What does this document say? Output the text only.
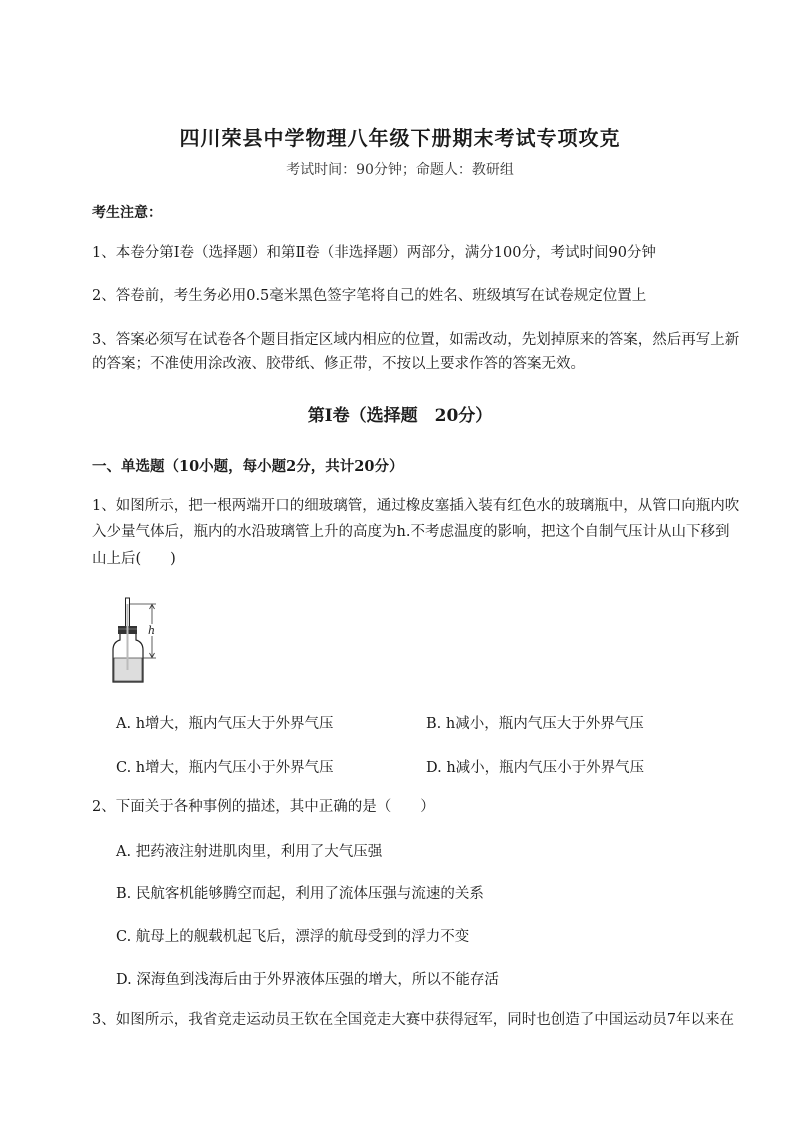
四川荣县中学物理八年级下册期末考试专项攻克
考试时间：90分钟；命题人：教研组
考生注意：
1、本卷分第I卷（选择题）和第Ⅱ卷（非选择题）两部分，满分100分，考试时间90分钟
2、答卷前，考生务必用0.5毫米黑色签字笔将自己的姓名、班级填写在试卷规定位置上
3、答案必须写在试卷各个题目指定区域内相应的位置，如需改动，先划掉原来的答案，然后再写上新
的答案；不准使用涂改液、胶带纸、修正带，不按以上要求作答的答案无效。
第I卷（选择题　20分）
一、单选题（10小题，每小题2分，共计20分）
1、如图所示，把一根两端开口的细玻璃管，通过橡皮塞插入装有红色水的玻璃瓶中，从管口向瓶内吹
入少量气体后，瓶内的水沿玻璃管上升的高度为h.不考虑温度的影响，把这个自制气压计从山下移到
山上后(　　)
h
A. h增大，瓶内气压大于外界气压	B. h减小，瓶内气压大于外界气压
C. h增大，瓶内气压小于外界气压	D. h减小，瓶内气压小于外界气压
2、下面关于各种事例的描述，其中正确的是（　　）
A. 把药液注射进肌肉里，利用了大气压强
B. 民航客机能够腾空而起，利用了流体压强与流速的关系
C. 航母上的舰载机起飞后，漂浮的航母受到的浮力不变
D. 深海鱼到浅海后由于外界液体压强的增大，所以不能存活
3、如图所示，我省竞走运动员王钦在全国竞走大赛中获得冠军，同时也创造了中国运动员7年以来在
